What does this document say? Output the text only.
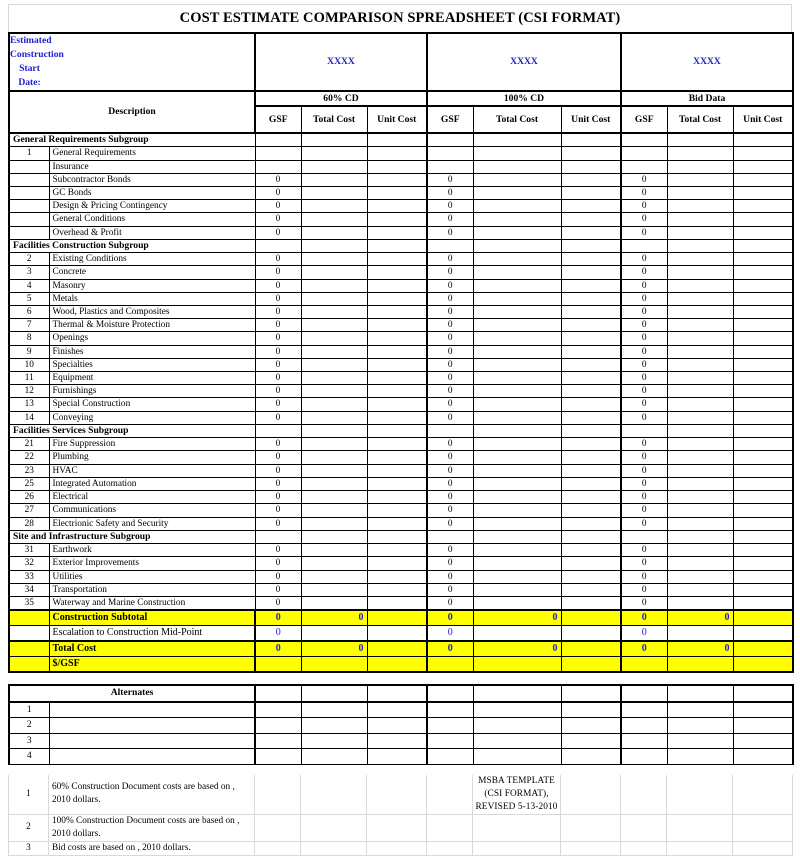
COST ESTIMATE COMPARISON SPREADSHEET (CSI FORMAT)
Estimated Construction Start Date:		XXXX			XXXX			XXXX		
Description		60% CD			100% CD			Bid Data		
		GSF	Total Cost	Unit Cost	GSF	Total Cost	Unit Cost	GSF	Total Cost	Unit Cost
General Requirements Subgroup										
1	General Requirements									
	Insurance									
	Subcontractor Bonds	0			0			0		
	GC Bonds	0			0			0		
	Design & Pricing Contingency	0			0			0		
	General Conditions	0			0			0		
	Overhead & Profit	0			0			0		
Facilities Construction Subgroup										
2	Existing Conditions	0			0			0		
3	Concrete	0			0			0		
4	Masonry	0			0			0		
5	Metals	0			0			0		
6	Wood, Plastics and Composites	0			0			0		
7	Thermal & Moisture Protection	0			0			0		
8	Openings	0			0			0		
9	Finishes	0			0			0		
10	Specialties	0			0			0		
11	Equipment	0			0			0		
12	Furnishings	0			0			0		
13	Special Construction	0			0			0		
14	Conveying	0			0			0		
Facilities Services Subgroup										
21	Fire Suppression	0			0			0		
22	Plumbing	0			0			0		
23	HVAC	0			0			0		
25	Integrated Automation	0			0			0		
26	Electrical	0			0			0		
27	Communications	0			0			0		
28	Electrionic Safety and Security	0			0			0		
Site and Infrastructure Subgroup										
31	Earthwork	0			0			0		
32	Exterior Improvements	0			0			0		
33	Utilities	0			0			0		
34	Transportation	0			0			0		
35	Waterway and Marine Construction	0			0			0		
	Construction Subtotal	0	0		0	0		0	0	
	Escalation to Construction Mid-Point	0			0			0		
	Total Cost	0	0		0	0		0	0	
	$/GSF									

Alternates										
1										
2										
3										
4										

1	60% Construction Document costs are based on , 2010 dollars.					MSBA TEMPLATE (CSI FORMAT), REVISED 5-13-2010				
2	100% Construction Document costs are based on , 2010 dollars.									
3	Bid costs are based on , 2010 dollars.									
